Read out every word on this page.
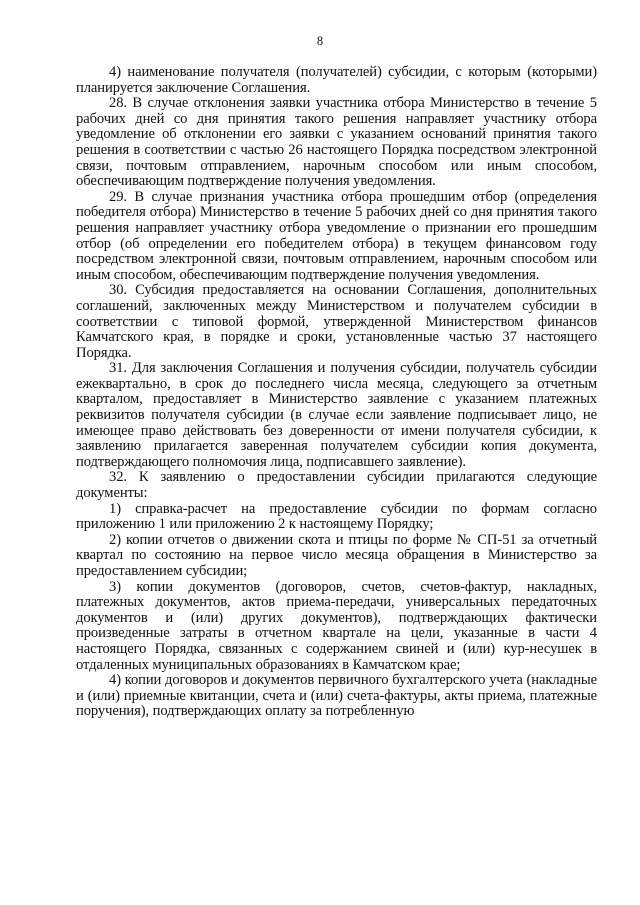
8

4) наименование получателя (получателей) субсидии, с которым (которыми) планируется заключение Соглашения.

28. В случае отклонения заявки участника отбора Министерство в течение 5 рабочих дней со дня принятия такого решения направляет участнику отбора уведомление об отклонении его заявки с указанием оснований принятия такого решения в соответствии с частью 26 настоящего Порядка посредством электронной связи, почтовым отправлением, нарочным способом или иным способом, обеспечивающим подтверждение получения уведомления.

29. В случае признания участника отбора прошедшим отбор (определения победителя отбора) Министерство в течение 5 рабочих дней со дня принятия такого решения направляет участнику отбора уведомление о признании его прошедшим отбор (об определении его победителем отбора) в текущем финансовом году посредством электронной связи, почтовым отправлением, нарочным способом или иным способом, обеспечивающим подтверждение получения уведомления.

30. Субсидия предоставляется на основании Соглашения, дополнительных соглашений, заключенных между Министерством и получателем субсидии в соответствии с типовой формой, утвержденной Министерством финансов Камчатского края, в порядке и сроки, установленные частью 37 настоящего Порядка.

31. Для заключения Соглашения и получения субсидии, получатель субсидии ежеквартально, в срок до последнего числа месяца, следующего за отчетным кварталом, предоставляет в Министерство заявление с указанием платежных реквизитов получателя субсидии (в случае если заявление подписывает лицо, не имеющее право действовать без доверенности от имени получателя субсидии, к заявлению прилагается заверенная получателем субсидии копия документа, подтверждающего полномочия лица, подписавшего заявление).

32. К заявлению о предоставлении субсидии прилагаются следующие документы:

1) справка-расчет на предоставление субсидии по формам согласно приложению 1 или приложению 2 к настоящему Порядку;

2) копии отчетов о движении скота и птицы по форме № СП-51 за отчетный квартал по состоянию на первое число месяца обращения в Министерство за предоставлением субсидии;

3) копии документов (договоров, счетов, счетов-фактур, накладных, платежных документов, актов приема-передачи, универсальных передаточных документов и (или) других документов), подтверждающих фактически произведенные затраты в отчетном квартале на цели, указанные в части 4 настоящего Порядка, связанных с содержанием свиней и (или) кур-несушек в отдаленных муниципальных образованиях в Камчатском крае;

4) копии договоров и документов первичного бухгалтерского учета (накладные и (или) приемные квитанции, счета и (или) счета-фактуры, акты приема, платежные поручения), подтверждающих оплату за потребленную
